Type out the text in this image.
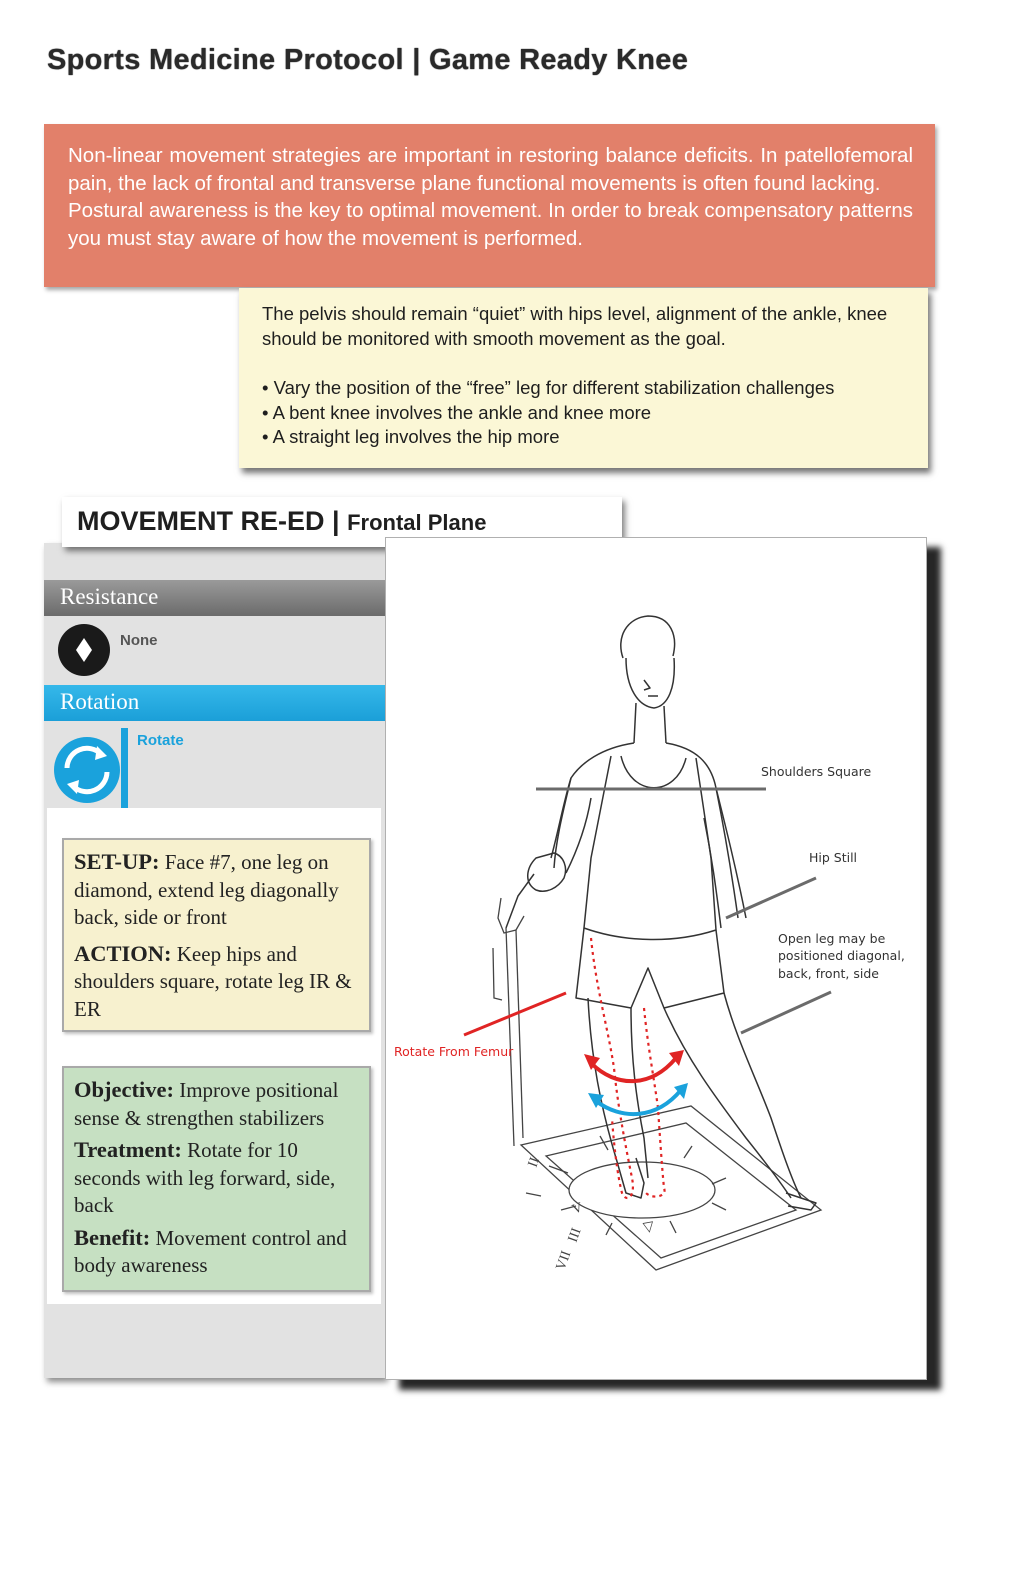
Sports Medicine Protocol | Game Ready Knee

Non-linear movement strategies are important in restoring balance deficits. In patellofemoral pain, the lack of frontal and transverse plane functional movements is often found lacking.

Postural awareness is the key to optimal movement. In order to break compensatory patterns you must stay aware of how the movement is performed.

The pelvis should remain “quiet” with hips level, alignment of the ankle, knee should be monitored with smooth movement as the goal.

• Vary the position of the “free” leg for different stabilization challenges
• A bent knee involves the ankle and knee more
• A straight leg involves the hip more
MOVEMENT RE-ED | Frontal Plane
Resistance
None
Rotation
Rotate

SET-UP: Face #7, one leg on diamond, extend leg diagonally back, side or front

ACTION: Keep hips and shoulders square, rotate leg IR & ER

Objective: Improve positional sense & strengthen stabilizers

Treatment: Rotate for 10 seconds with leg forward, side, back

Benefit: Movement control and body awareness

II
V
III
VII
▽
Shoulders Square
Hip Still
Open leg may be
positioned diagonal,
back, front, side
Rotate From Femur
